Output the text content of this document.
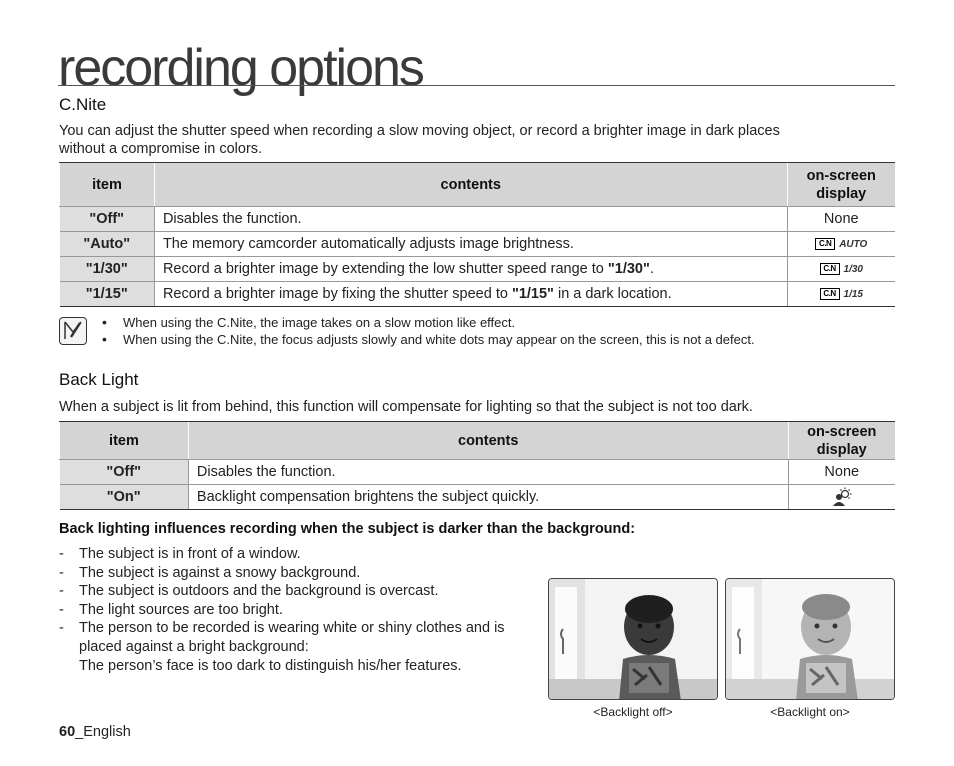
recording options
C.Nite
You can adjust the shutter speed when recording a slow moving object, or record a brighter image in dark places
without a compromise in colors.
item	contents	on-screen
display

"Off"	Disables the function.	None
"Auto"	The memory camcorder automatically adjusts image brightness.	C.N AUTO

"1/30"	Record a brighter image by extending the low shutter speed range to "1/30".	C.N 1/30

"1/15"	Record a brighter image by fixing the shutter speed to "1/15" in a dark location.	C.N 1/15
• When using the C.Nite, the image takes on a slow motion like effect.
• When using the C.Nite, the focus adjusts slowly and white dots may appear on the screen, this is not a defect.
Back Light
When a subject is lit from behind, this function will compensate for lighting so that the subject is not too dark.
item	contents	on-screen
display

"Off"	Disables the function.	None
"On"	Backlight compensation brightens the subject quickly.	
Back lighting influences recording when the subject is darker than the background:
- The subject is in front of a window.
- The subject is against a snowy background.
- The subject is outdoors and the background is overcast.
- The light sources are too bright.
- The person to be recorded is wearing white or shiny clothes and is placed against a bright background:
The person’s face is too dark to distinguish his/her features.
<Backlight off>	<Backlight on>
60_English
